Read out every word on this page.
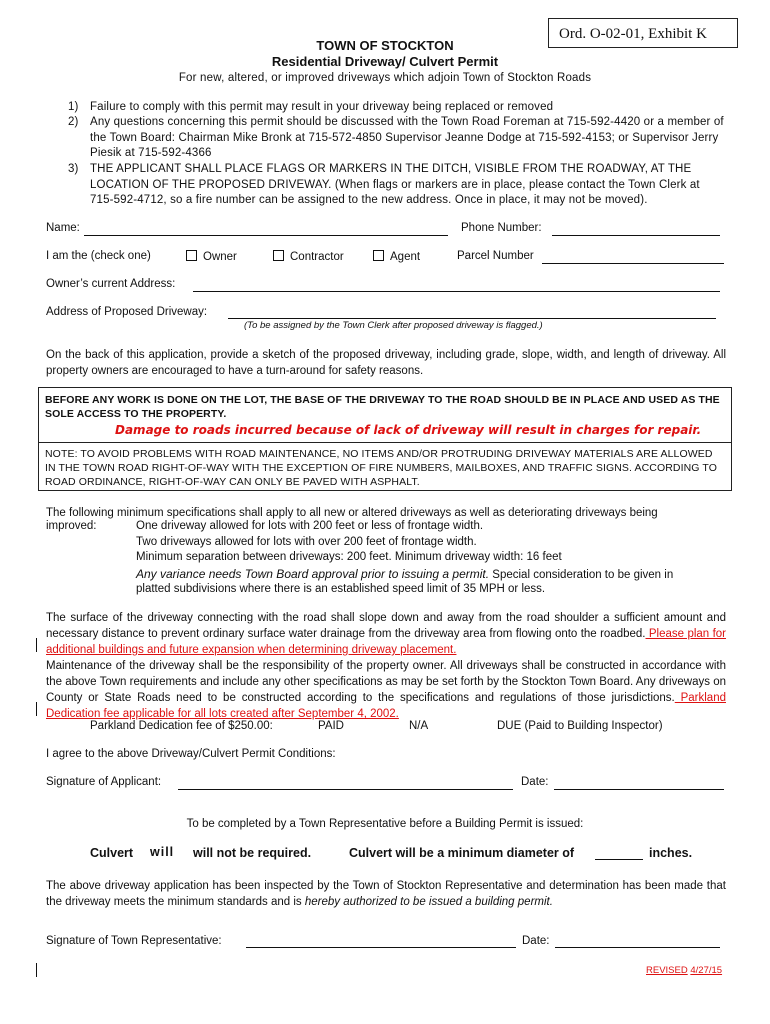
Ord. O-02-01, Exhibit K
TOWN OF STOCKTON
Residential Driveway/ Culvert Permit
For new, altered, or improved driveways which adjoin Town of Stockton Roads
1) Failure to comply with this permit may result in your driveway being replaced or removed
2) Any questions concerning this permit should be discussed with the Town Road Foreman at 715-592-4420 or a member of the Town Board: Chairman Mike Bronk at 715-572-4850 Supervisor Jeanne Dodge at 715-592-4153; or Supervisor Jerry Piesik at 715-592-4366
3) THE APPLICANT SHALL PLACE FLAGS OR MARKERS IN THE DITCH, VISIBLE FROM THE ROADWAY, AT THE LOCATION OF THE PROPOSED DRIVEWAY. (When flags or markers are in place, please contact the Town Clerk at 715-592-4712, so a fire number can be assigned to the new address. Once in place, it may not be moved).
Name:	Phone Number:
I am the (check one)	Owner	Contractor	Agent	Parcel Number
Owner’s current Address:
Address of Proposed Driveway:
(To be assigned by the Town Clerk after proposed driveway is flagged.)
On the back of this application, provide a sketch of the proposed driveway, including grade, slope, width, and length of driveway. All property owners are encouraged to have a turn-around for safety reasons.
BEFORE ANY WORK IS DONE ON THE LOT, THE BASE OF THE DRIVEWAY TO THE ROAD SHOULD BE IN PLACE AND USED AS THE SOLE ACCESS TO THE PROPERTY.
Damage to roads incurred because of lack of driveway will result in charges for repair.
NOTE: TO AVOID PROBLEMS WITH ROAD MAINTENANCE, NO ITEMS AND/OR PROTRUDING DRIVEWAY MATERIALS ARE ALLOWED IN THE TOWN ROAD RIGHT-OF-WAY WITH THE EXCEPTION OF FIRE NUMBERS, MAILBOXES, AND TRAFFIC SIGNS. ACCORDING TO ROAD ORDINANCE, RIGHT-OF-WAY CAN ONLY BE PAVED WITH ASPHALT.
The following minimum specifications shall apply to all new or altered driveways as well as deteriorating driveways being
improved:	One driveway allowed for lots with 200 feet or less of frontage width.
Two driveways allowed for lots with over 200 feet of frontage width.
Minimum separation between driveways: 200 feet. Minimum driveway width: 16 feet
Any variance needs Town Board approval prior to issuing a permit. Special consideration to be given in
platted subdivisions where there is an established speed limit of 35 MPH or less.
The surface of the driveway connecting with the road shall slope down and away from the road shoulder a sufficient amount and necessary distance to prevent ordinary surface water drainage from the driveway area from flowing onto the roadbed. Please plan for additional buildings and future expansion when determining driveway placement.
Maintenance of the driveway shall be the responsibility of the property owner. All driveways shall be constructed in accordance with the above Town requirements and include any other specifications as may be set forth by the Stockton Town Board. Any driveways on County or State Roads need to be constructed according to the specifications and regulations of those jurisdictions. Parkland Dedication fee applicable for all lots created after September 4, 2002.
Parkland Dedication fee of $250.00:	PAID	N/A	DUE (Paid to Building Inspector)
I agree to the above Driveway/Culvert Permit Conditions:
Signature of Applicant:	Date:
To be completed by a Town Representative before a Building Permit is issued:
Culvert will will not be required.	Culvert will be a minimum diameter of	inches.
The above driveway application has been inspected by the Town of Stockton Representative and determination has been made that the driveway meets the minimum standards and is hereby authorized to be issued a building permit.
Signature of Town Representative:	Date:
REVISED 4/27/15
